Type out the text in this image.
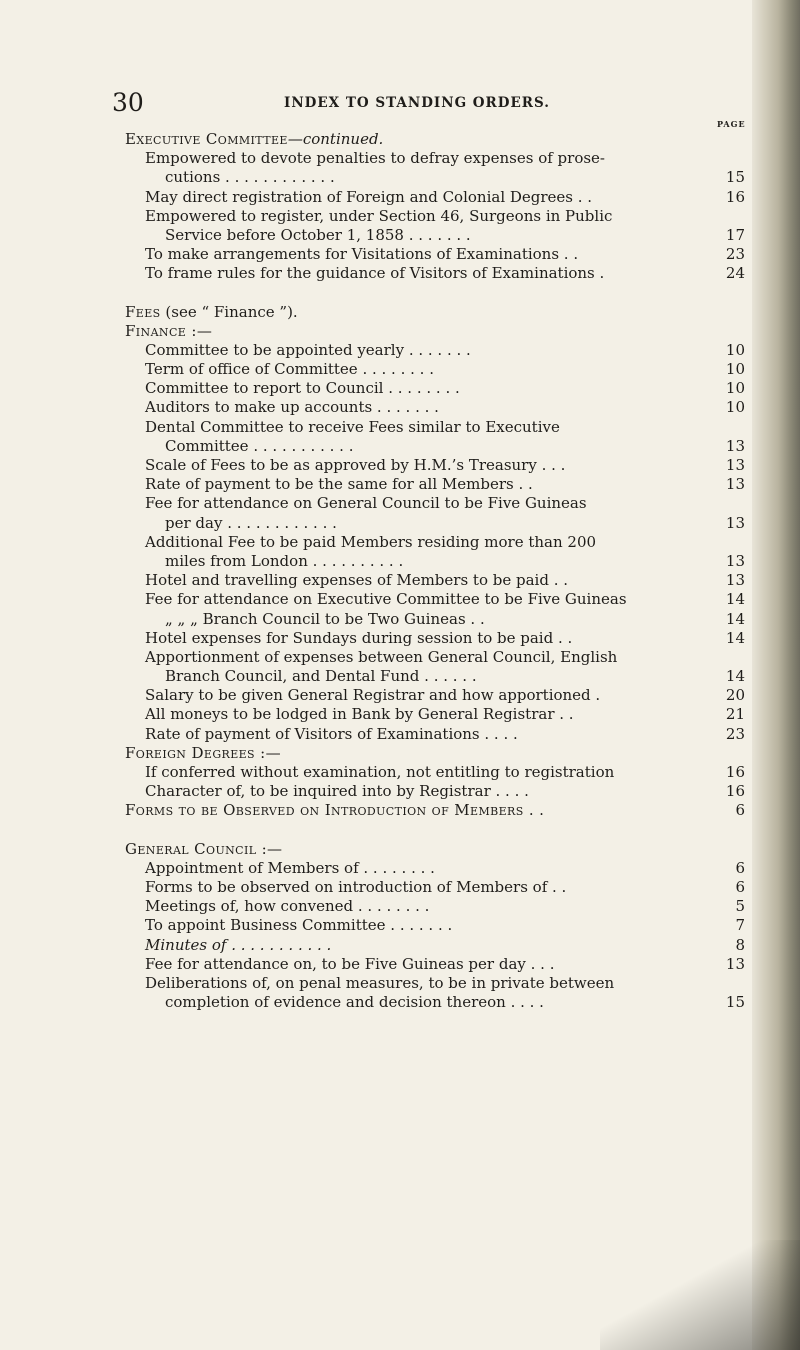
30	INDEX TO STANDING ORDERS.
PAGE
Executive Committee—continued.
Empowered to devote penalties to defray expenses of prose-
cutions . . . . . . . . . . . .	15
May direct registration of Foreign and Colonial Degrees . .	16
Empowered to register, under Section 46, Surgeons in Public
Service before October 1, 1858 . . . . . . .	17
To make arrangements for Visitations of Examinations . .	23
To frame rules for the guidance of Visitors of Examinations .	24
Fees (see “ Finance ”).
Finance :—
Committee to be appointed yearly . . . . . . .	10
Term of office of Committee . . . . . . . .	10
Committee to report to Council . . . . . . . .	10
Auditors to make up accounts . . . . . . .	10
Dental Committee to receive Fees similar to Executive
Committee . . . . . . . . . . .	13
Scale of Fees to be as approved by H.M.’s Treasury . . .	13
Rate of payment to be the same for all Members . .	13
Fee for attendance on General Council to be Five Guineas
per day . . . . . . . . . . . .	13
Additional Fee to be paid Members residing more than 200
miles from London . . . . . . . . . .	13
Hotel and travelling expenses of Members to be paid . .	13
Fee for attendance on Executive Committee to be Five Guineas	14
„ „ „ Branch Council to be Two Guineas . .	14
Hotel expenses for Sundays during session to be paid . .	14
Apportionment of expenses between General Council, English
Branch Council, and Dental Fund . . . . . .	14
Salary to be given General Registrar and how apportioned .	20
All moneys to be lodged in Bank by General Registrar . .	21
Rate of payment of Visitors of Examinations . . . .	23
Foreign Degrees :—
If conferred without examination, not entitling to registration	16
Character of, to be inquired into by Registrar . . . .	16
Forms to be Observed on Introduction of Members . .	6
General Council :—
Appointment of Members of . . . . . . . .	6
Forms to be observed on introduction of Members of . .	6
Meetings of, how convened . . . . . . . .	5
To appoint Business Committee . . . . . . .	7
Minutes of . . . . . . . . . . .	8
Fee for attendance on, to be Five Guineas per day . . .	13
Deliberations of, on penal measures, to be in private between
completion of evidence and decision thereon . . . .	15
